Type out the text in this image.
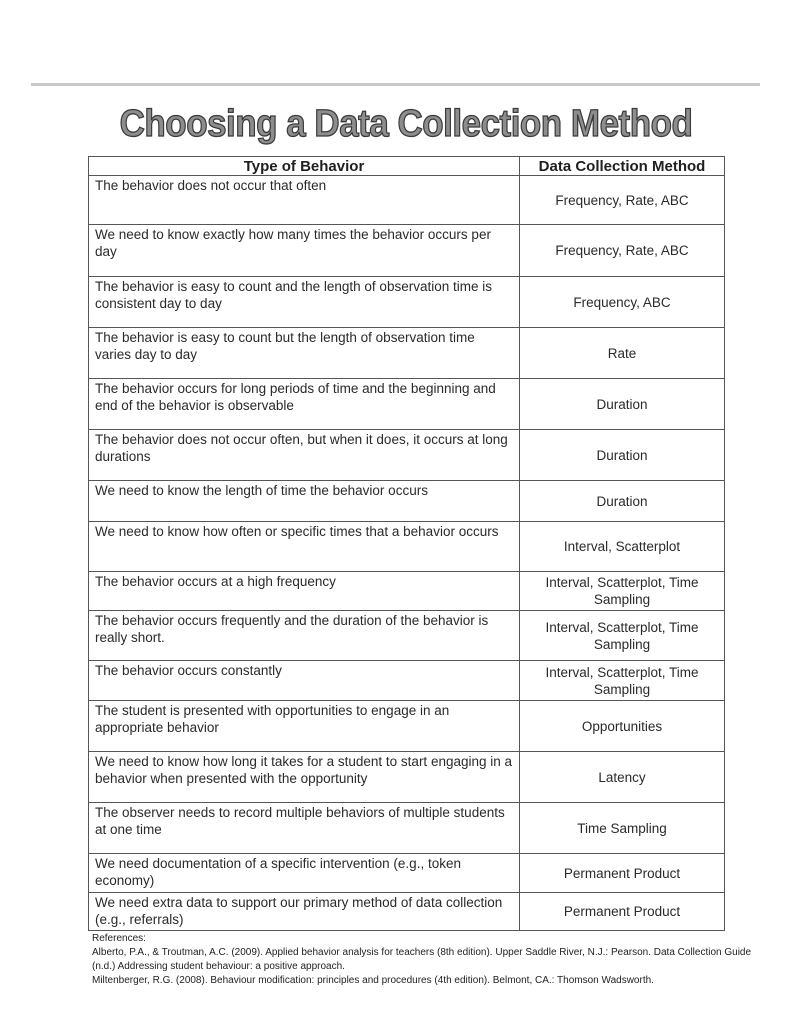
Choosing a Data Collection Method
Type of Behavior	Data Collection Method
The behavior does not occur that often	Frequency, Rate, ABC
We need to know exactly how many times the behavior occurs per day	Frequency, Rate, ABC
The behavior is easy to count and the length of observation time is consistent day to day	Frequency, ABC
The behavior is easy to count but the length of observation time varies day to day	Rate
The behavior occurs for long periods of time and the beginning and end of the behavior is observable	Duration
The behavior does not occur often, but when it does, it occurs at long durations	Duration
We need to know the length of time the behavior occurs	Duration
We need to know how often or specific times that a behavior occurs	Interval, Scatterplot
The behavior occurs at a high frequency	Interval, Scatterplot, Time Sampling
The behavior occurs frequently and the duration of the behavior is really short.	Interval, Scatterplot, Time Sampling
The behavior occurs constantly	Interval, Scatterplot, Time Sampling
The student is presented with opportunities to engage in an appropriate behavior	Opportunities
We need to know how long it takes for a student to start engaging in a behavior when presented with the opportunity	Latency
The observer needs to record multiple behaviors of multiple students at one time	Time Sampling
We need documentation of a specific intervention (e.g., token economy)	Permanent Product
We need extra data to support our primary method of data collection (e.g., referrals)	Permanent Product
References:
Alberto, P.A., & Troutman, A.C. (2009). Applied behavior analysis for teachers (8th edition). Upper Saddle River, N.J.: Pearson. Data Collection Guide (n.d.) Addressing student behaviour: a positive approach.
Miltenberger, R.G. (2008). Behaviour modification: principles and procedures (4th edition). Belmont, CA.: Thomson Wadsworth.
